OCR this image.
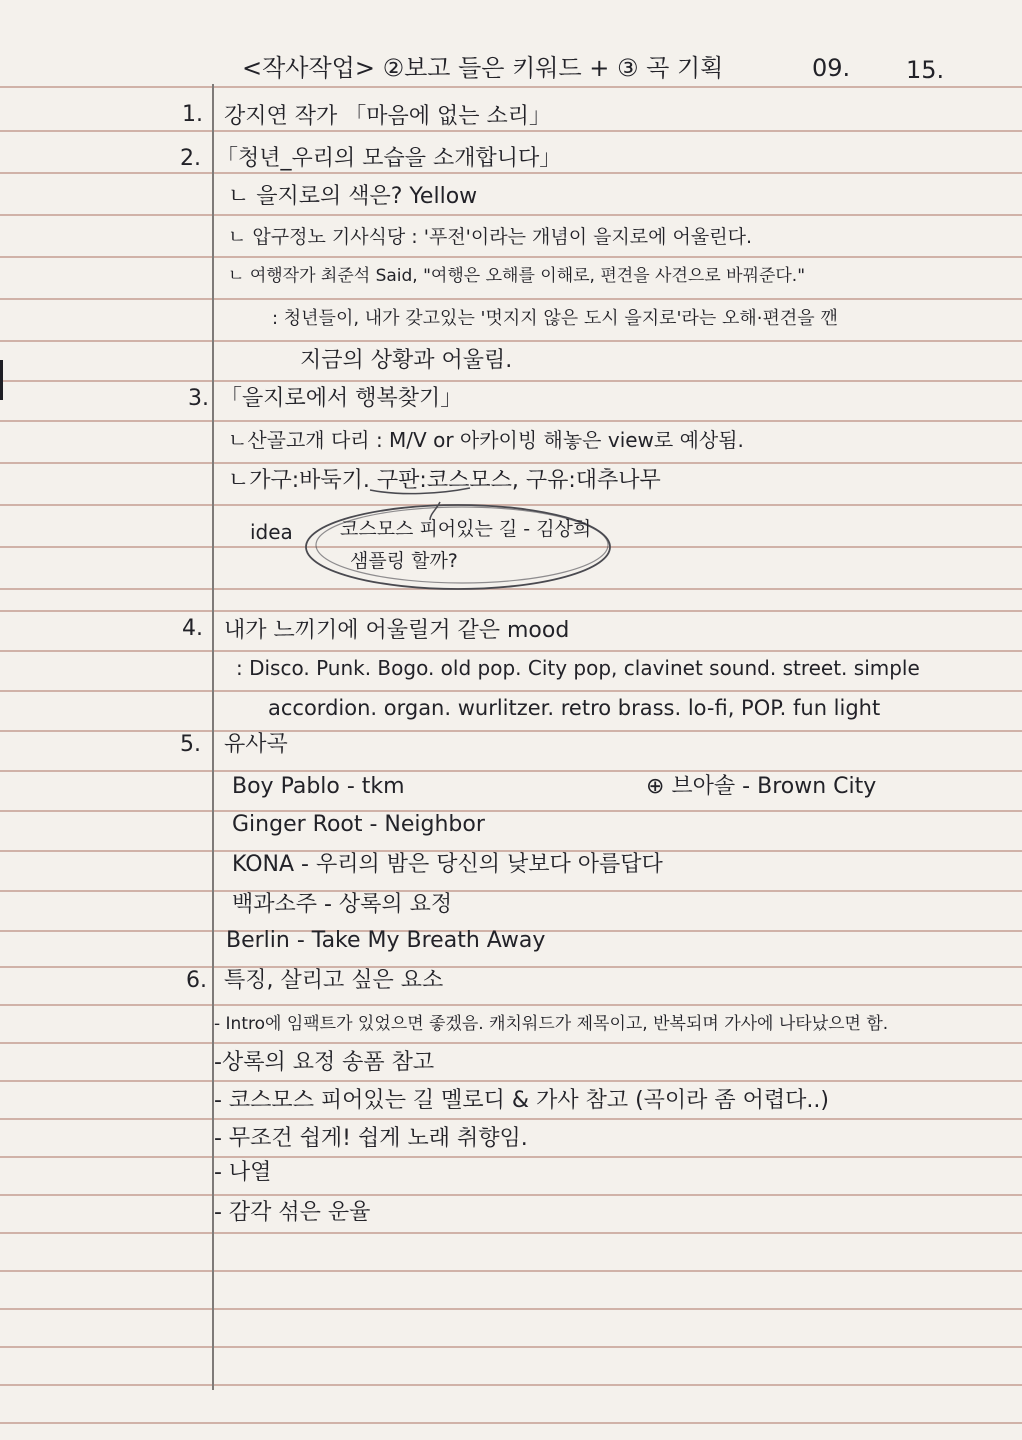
<작사작업> ②보고 들은 키워드 + ③ 곡 기획	09. 15.
1. 강지연 작가 「마음에 없는 소리」
2. 「청년_우리의 모습을 소개합니다」
ㄴ 을지로의 색은? Yellow
ㄴ 압구정노 기사식당 : '푸전'이라는 개념이 을지로에 어울린다.
ㄴ 여행작가 최준석 Said, "여행은 오해를 이해로, 편견을 사견으로 바꿔준다."
: 청년들이, 내가 갖고있는 '멋지지 않은 도시 을지로'라는 오해·편견을 깬
지금의 상황과 어울림.
3. 「을지로에서 행복찾기」
ㄴ산골고개 다리 : M/V or 아카이빙 해놓은 view로 예상됨.
ㄴ가구:바둑기. 구판:코스모스, 구유:대추나무
idea 코스모스 피어있는 길 - 김상희
샘플링 할까?
4. 내가 느끼기에 어울릴거 같은 mood
: Disco. Punk. Bogo. old pop. City pop, clavinet sound. street. simple
accordion. organ. wurlitzer. retro brass. lo-fi, POP. fun light
5. 유사곡
Boy Pablo - tkm
Ginger Root - Neighbor
KONA - 우리의 밤은 당신의 낮보다 아름답다
백과소주 - 상록의 요정
Berlin - Take My Breath Away
⊕ 브아솔 - Brown City
6. 특징, 살리고 싶은 요소
- Intro에 임팩트가 있었으면 좋겠음. 캐치워드가 제목이고, 반복되며 가사에 나타났으면 함.
-상록의 요정 송폼 참고
- 코스모스 피어있는 길 멜로디 & 가사 참고 (곡이라 좀 어렵다..)
- 무조건 쉽게! 쉽게 노래 취향임.
- 나열
- 감각 섞은 운율
